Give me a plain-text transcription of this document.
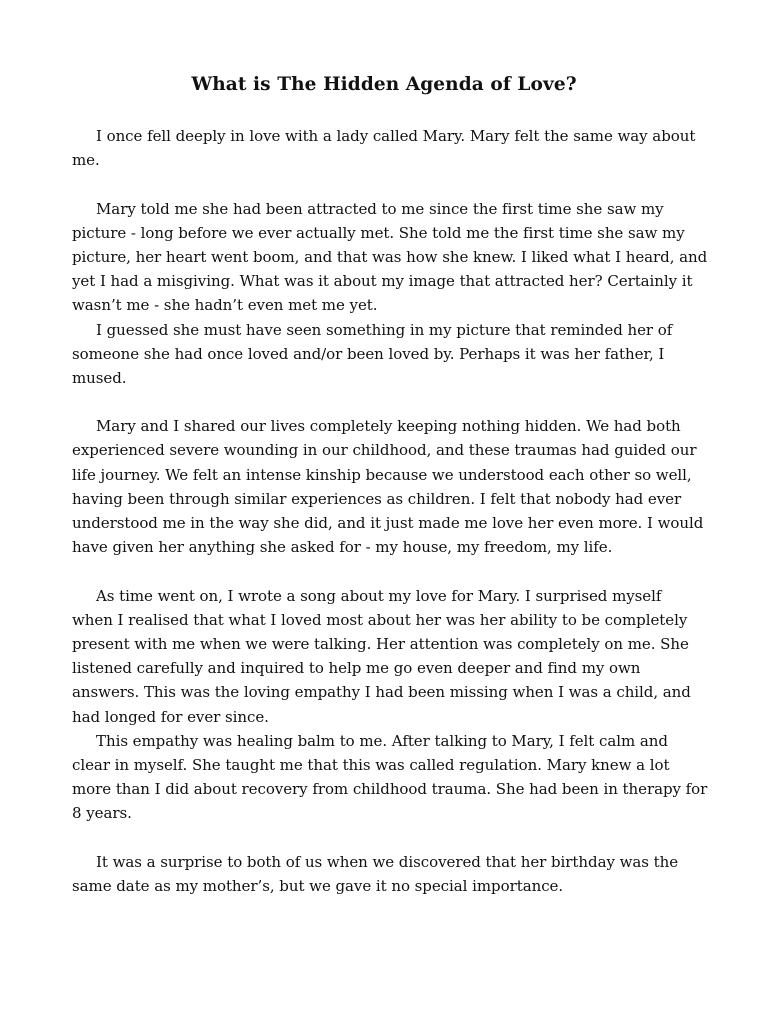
What is The Hidden Agenda of Love?
I once fell deeply in love with a lady called Mary. Mary felt the same way about
me.
Mary told me she had been attracted to me since the first time she saw my
picture - long before we ever actually met. She told me the first time she saw my
picture, her heart went boom, and that was how she knew. I liked what I heard, and
yet I had a misgiving. What was it about my image that attracted her? Certainly it
wasn’t me - she hadn’t even met me yet.
I guessed she must have seen something in my picture that reminded her of
someone she had once loved and/or been loved by. Perhaps it was her father, I
mused.
Mary and I shared our lives completely keeping nothing hidden. We had both
experienced severe wounding in our childhood, and these traumas had guided our
life journey. We felt an intense kinship because we understood each other so well,
having been through similar experiences as children. I felt that nobody had ever
understood me in the way she did, and it just made me love her even more. I would
have given her anything she asked for - my house, my freedom, my life.
As time went on, I wrote a song about my love for Mary. I surprised myself
when I realised that what I loved most about her was her ability to be completely
present with me when we were talking. Her attention was completely on me. She
listened carefully and inquired to help me go even deeper and find my own
answers. This was the loving empathy I had been missing when I was a child, and
had longed for ever since.
This empathy was healing balm to me. After talking to Mary, I felt calm and
clear in myself. She taught me that this was called regulation. Mary knew a lot
more than I did about recovery from childhood trauma. She had been in therapy for
8 years.
It was a surprise to both of us when we discovered that her birthday was the
same date as my mother’s, but we gave it no special importance.
